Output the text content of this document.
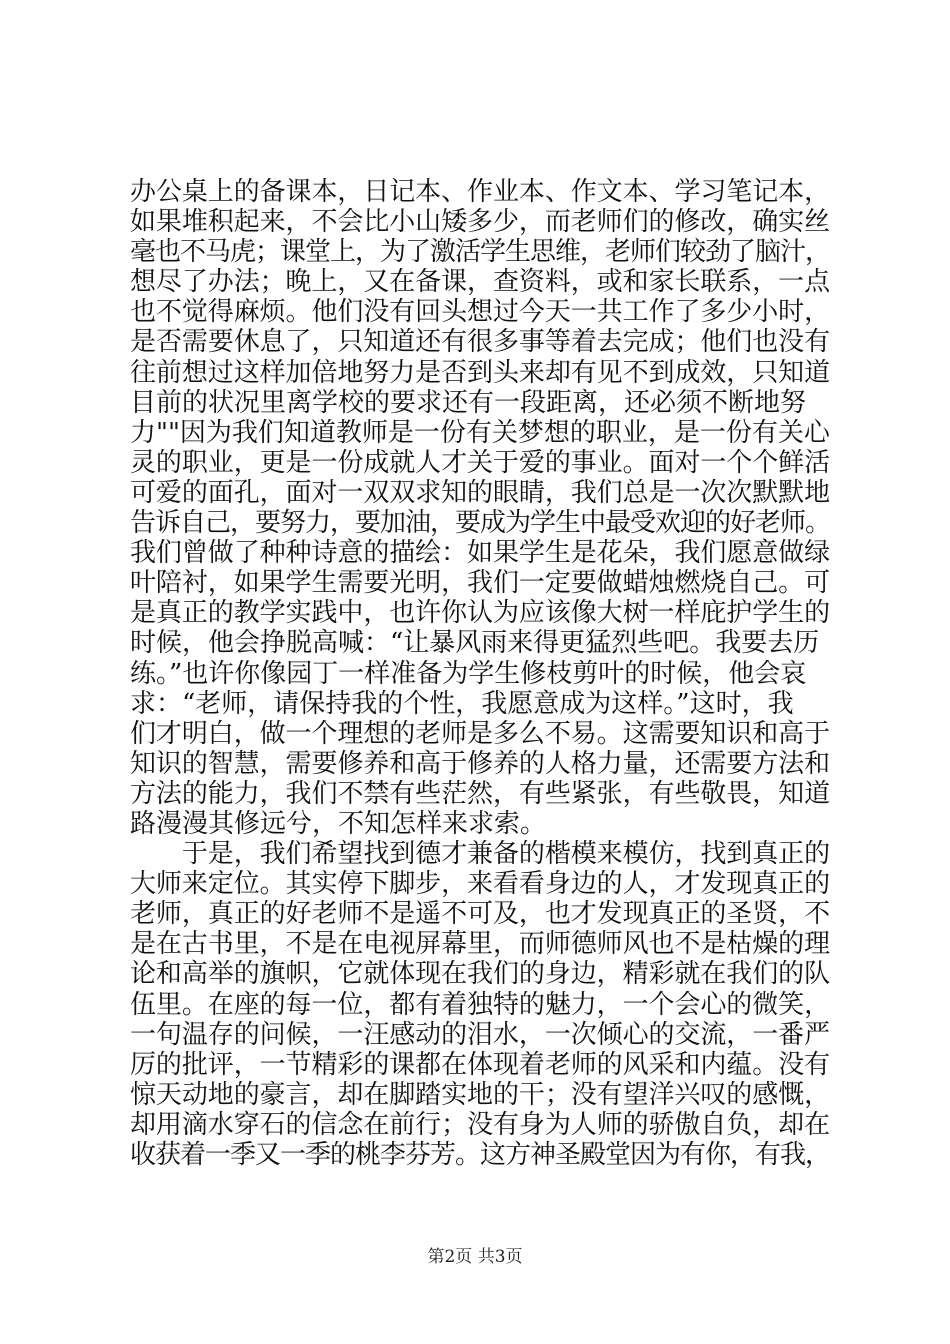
办公桌上的备课本，日记本、作业本、作文本、学习笔记本，
如果堆积起来，不会比小山矮多少，而老师们的修改，确实丝
毫也不马虎；课堂上，为了激活学生思维，老师们较劲了脑汁，
想尽了办法；晚上，又在备课，查资料，或和家长联系，一点
也不觉得麻烦。他们没有回头想过今天一共工作了多少小时，
是否需要休息了，只知道还有很多事等着去完成；他们也没有
往前想过这样加倍地努力是否到头来却有见不到成效，只知道
目前的状况里离学校的要求还有一段距离，还必须不断地努
力""因为我们知道教师是一份有关梦想的职业，是一份有关心
灵的职业，更是一份成就人才关于爱的事业。面对一个个鲜活
可爱的面孔，面对一双双求知的眼睛，我们总是一次次默默地
告诉自己，要努力，要加油，要成为学生中最受欢迎的好老师。
我们曾做了种种诗意的描绘：如果学生是花朵，我们愿意做绿
叶陪衬，如果学生需要光明，我们一定要做蜡烛燃烧自己。可
是真正的教学实践中，也许你认为应该像大树一样庇护学生的
时候，他会挣脱高喊：“让暴风雨来得更猛烈些吧。我要去历
练。”也许你像园丁一样准备为学生修枝剪叶的时候，他会哀
求：“老师，请保持我的个性，我愿意成为这样。”这时，我
们才明白，做一个理想的老师是多么不易。这需要知识和高于
知识的智慧，需要修养和高于修养的人格力量，还需要方法和
方法的能力，我们不禁有些茫然，有些紧张，有些敬畏，知道
路漫漫其修远兮，不知怎样来求索。
　　于是，我们希望找到德才兼备的楷模来模仿，找到真正的
大师来定位。其实停下脚步，来看看身边的人，才发现真正的
老师，真正的好老师不是遥不可及，也才发现真正的圣贤，不
是在古书里，不是在电视屏幕里，而师德师风也不是枯燥的理
论和高举的旗帜，它就体现在我们的身边，精彩就在我们的队
伍里。在座的每一位，都有着独特的魅力，一个会心的微笑，
一句温存的问候，一汪感动的泪水，一次倾心的交流，一番严
厉的批评，一节精彩的课都在体现着老师的风采和内蕴。没有
惊天动地的豪言，却在脚踏实地的干；没有望洋兴叹的感慨，
却用滴水穿石的信念在前行；没有身为人师的骄傲自负，却在
收获着一季又一季的桃李芬芳。这方神圣殿堂因为有你，有我，
第2页 共3页
